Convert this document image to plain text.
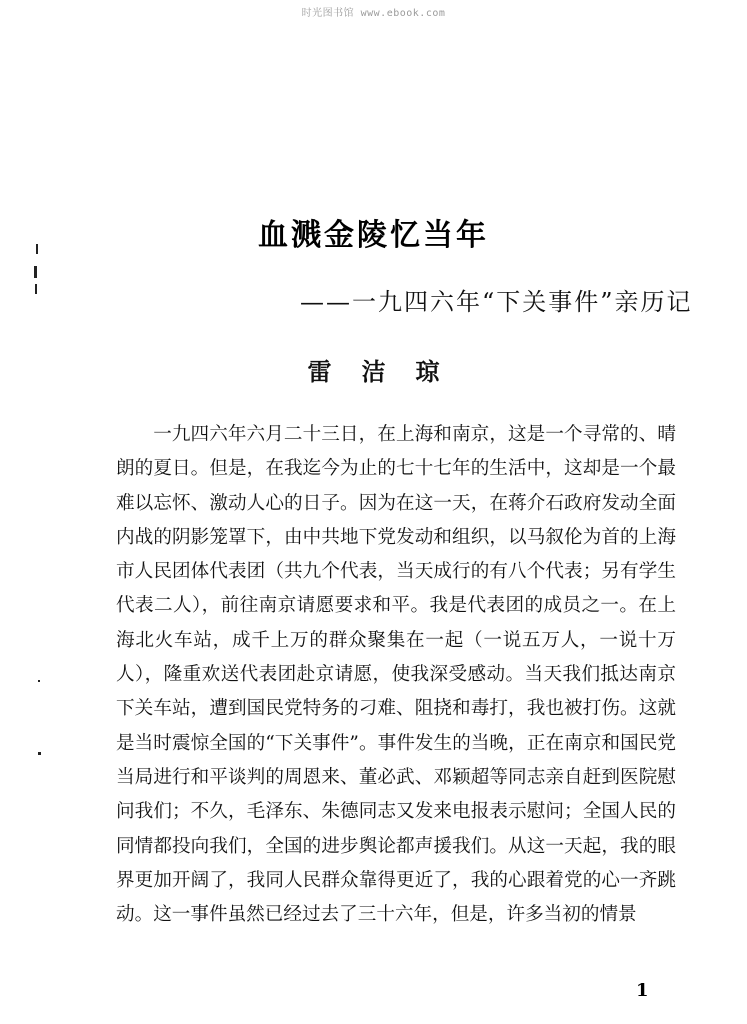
时光图书馆 www.ebook.com
血溅金陵忆当年
——一九四六年“下关事件”亲历记
雷洁琼

一九四六年六月二十三日，在上海和南京，这是一个寻常的、晴朗的夏日。但是，在我迄今为止的七十七年的生活中，这却是一个最难以忘怀、激动人心的日子。因为在这一天，在蒋介石政府发动全面内战的阴影笼罩下，由中共地下党发动和组织，以马叙伦为首的上海市人民团体代表团（共九个代表，当天成行的有八个代表；另有学生代表二人），前往南京请愿要求和平。我是代表团的成员之一。在上海北火车站，成千上万的群众聚集在一起（一说五万人，一说十万人），隆重欢送代表团赴京请愿，使我深受感动。当天我们抵达南京下关车站，遭到国民党特务的刁难、阻挠和毒打，我也被打伤。这就是当时震惊全国的“下关事件”。事件发生的当晚，正在南京和国民党当局进行和平谈判的周恩来、董必武、邓颖超等同志亲自赶到医院慰问我们；不久，毛泽东、朱德同志又发来电报表示慰问；全国人民的同情都投向我们，全国的进步舆论都声援我们。从这一天起，我的眼界更加开阔了，我同人民群众靠得更近了，我的心跟着党的心一齐跳动。这一事件虽然已经过去了三十六年，但是，许多当初的情景

1
